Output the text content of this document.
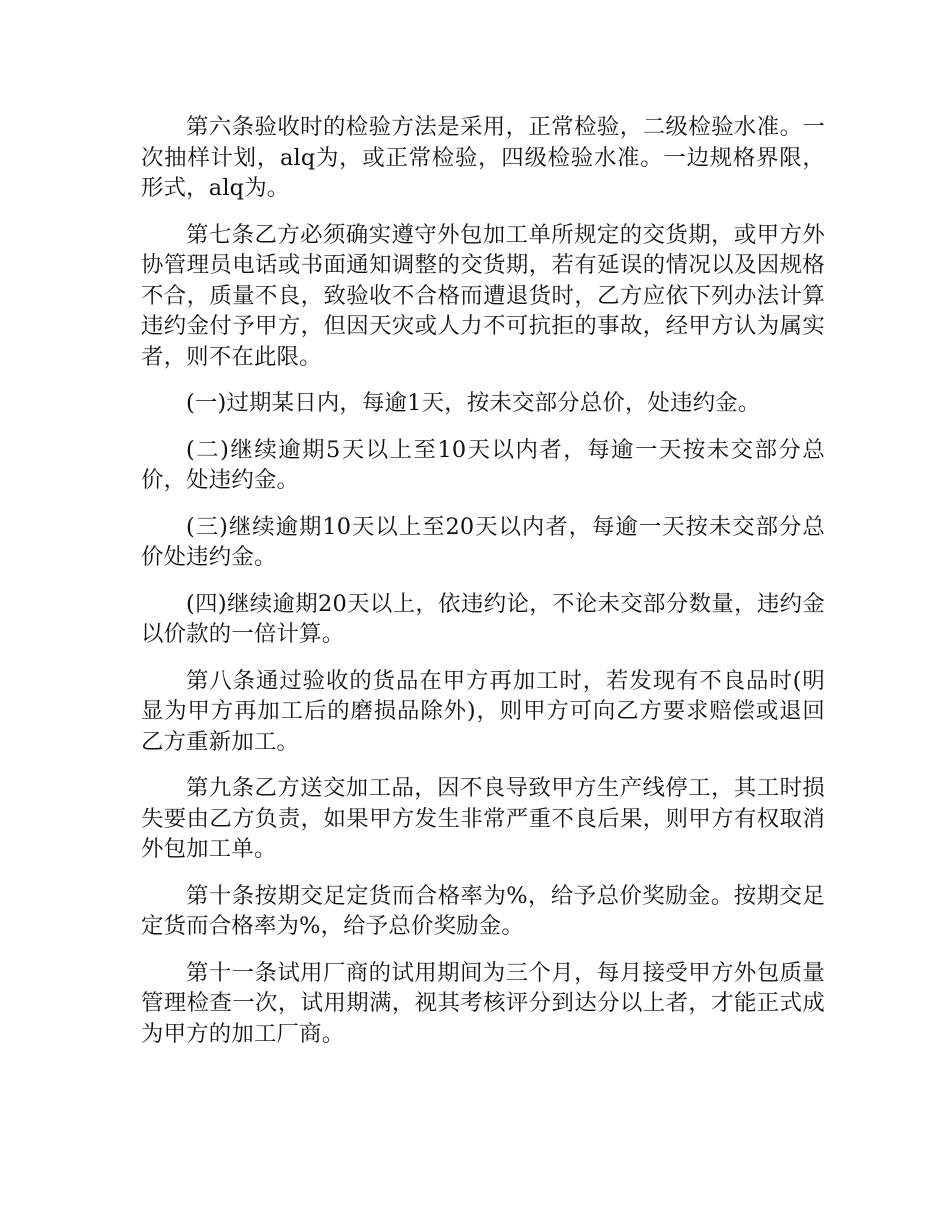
第六条验收时的检验方法是采用，正常检验，二级检验水准。一次抽样计划，alq为，或正常检验，四级检验水准。一边规格界限，形式，alq为。

第七条乙方必须确实遵守外包加工单所规定的交货期，或甲方外协管理员电话或书面通知调整的交货期，若有延误的情况以及因规格不合，质量不良，致验收不合格而遭退货时，乙方应依下列办法计算违约金付予甲方，但因天灾或人力不可抗拒的事故，经甲方认为属实者，则不在此限。

(一)过期某日内，每逾1天，按未交部分总价，处违约金。

(二)继续逾期5天以上至10天以内者，每逾一天按未交部分总价，处违约金。

(三)继续逾期10天以上至20天以内者，每逾一天按未交部分总价处违约金。

(四)继续逾期20天以上，依违约论，不论未交部分数量，违约金以价款的一倍计算。

第八条通过验收的货品在甲方再加工时，若发现有不良品时(明显为甲方再加工后的磨损品除外)，则甲方可向乙方要求赔偿或退回乙方重新加工。

第九条乙方送交加工品，因不良导致甲方生产线停工，其工时损失要由乙方负责，如果甲方发生非常严重不良后果，则甲方有权取消外包加工单。

第十条按期交足定货而合格率为%，给予总价奖励金。按期交足定货而合格率为%，给予总价奖励金。

第十一条试用厂商的试用期间为三个月，每月接受甲方外包质量管理检查一次，试用期满，视其考核评分到达分以上者，才能正式成为甲方的加工厂商。
